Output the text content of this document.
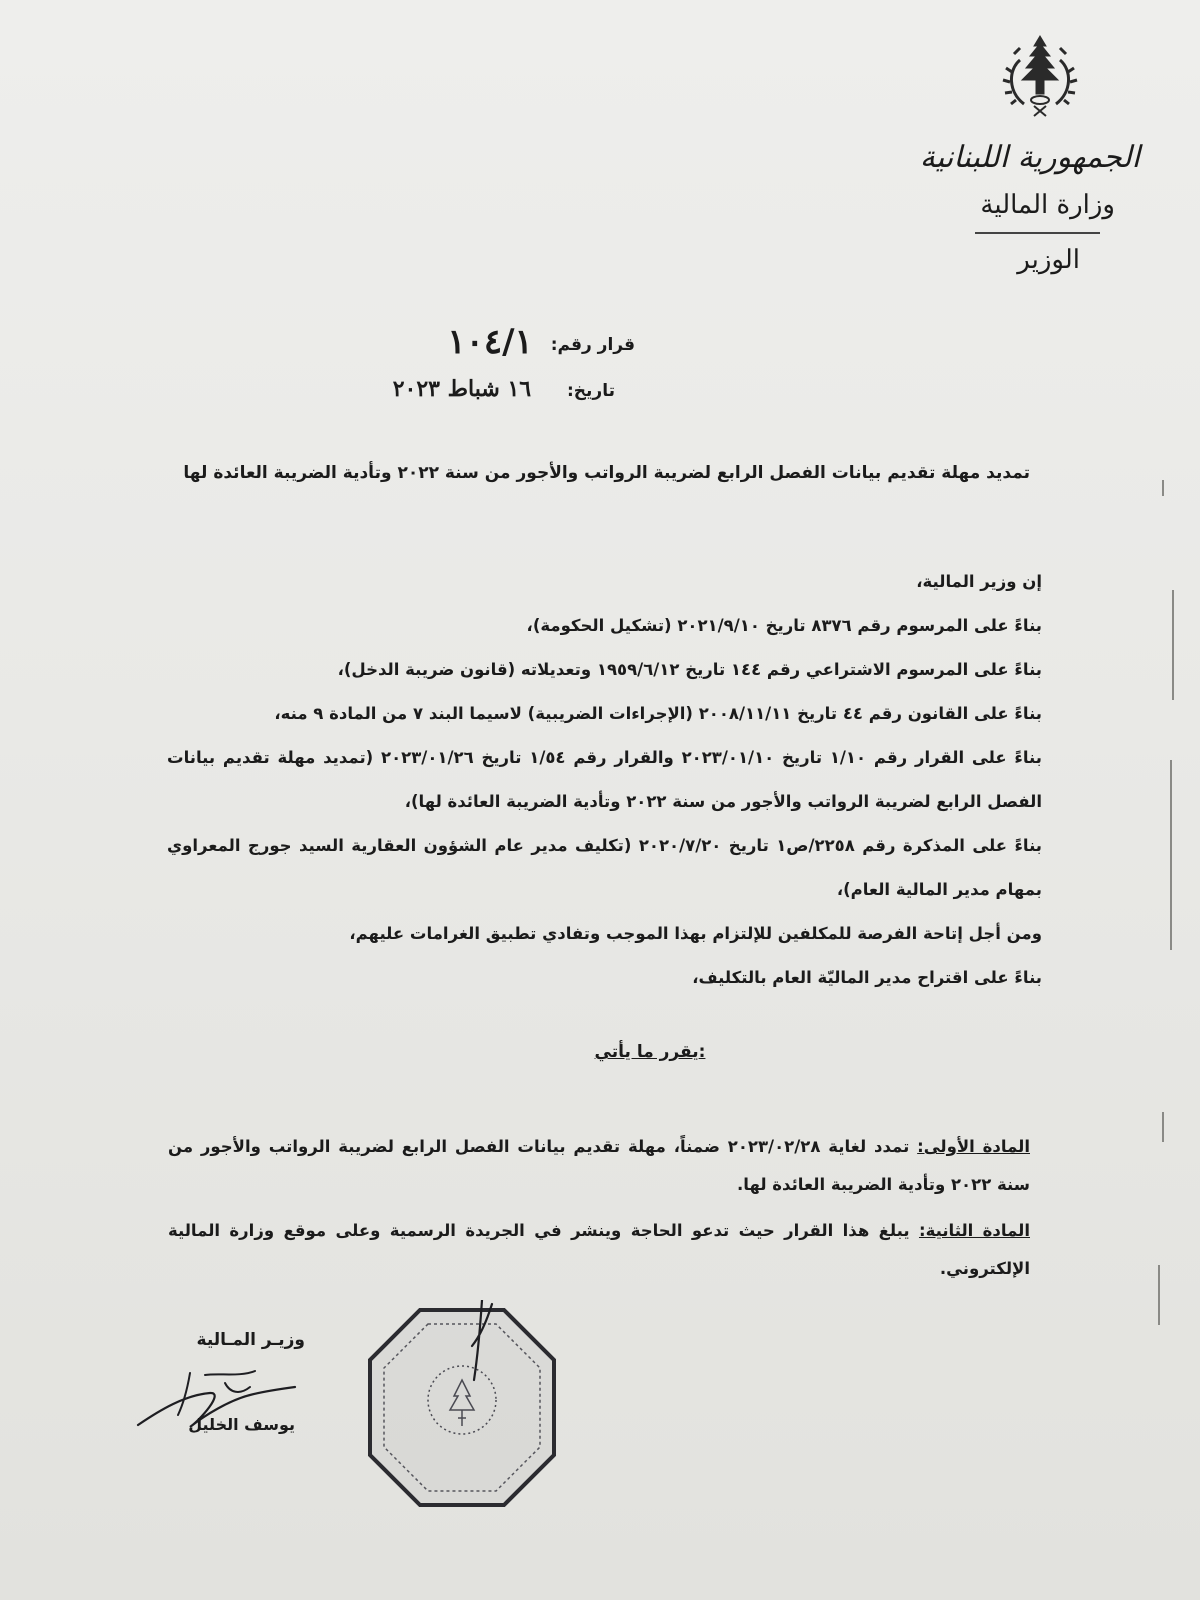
الجمهورية اللبنانية
وزارة المالية
الوزير
قرار رقم: ١٠٤/١
تاريخ: ١٦ شباط ٢٠٢٣
تمديد مهلة تقديم بيانات الفصل الرابع لضريبة الرواتب والأجور من سنة ٢٠٢٢ وتأدية الضريبة العائدة لها

إن وزير المالية،

بناءً على المرسوم رقم ٨٣٧٦ تاريخ ٢٠٢١/٩/١٠ (تشكيل الحكومة)،

بناءً على المرسوم الاشتراعي رقم ١٤٤ تاريخ ١٩٥٩/٦/١٢ وتعديلاته (قانون ضريبة الدخل)،

بناءً على القانون رقم ٤٤ تاريخ ٢٠٠٨/١١/١١ (الإجراءات الضريبية) لاسيما البند ٧ من المادة ٩ منه،

بناءً على القرار رقم ١/١٠ تاريخ ٢٠٢٣/٠١/١٠ والقرار رقم ١/٥٤ تاريخ ٢٠٢٣/٠١/٢٦ (تمديد مهلة تقديم بيانات الفصل الرابع لضريبة الرواتب والأجور من سنة ٢٠٢٢ وتأدية الضريبة العائدة لها)،

بناءً على المذكرة رقم ٢٢٥٨/ص١ تاريخ ٢٠٢٠/٧/٢٠ (تكليف مدير عام الشؤون العقارية السيد جورج المعراوي بمهام مدير المالية العام)،

ومن أجل إتاحة الفرصة للمكلفين للإلتزام بهذا الموجب وتفادي تطبيق الغرامات عليهم،

بناءً على اقتراح مدير الماليّة العام بالتكليف،

يقرر ما يأتي:

المادة الأولى: تمدد لغاية ٢٠٢٣/٠٢/٢٨ ضمناً، مهلة تقديم بيانات الفصل الرابع لضريبة الرواتب والأجور من سنة ٢٠٢٢ وتأدية الضريبة العائدة لها.

المادة الثانية: يبلغ هذا القرار حيث تدعو الحاجة وينشر في الجريدة الرسمية وعلى موقع وزارة المالية الإلكتروني.

وزيـر المـالية
يوسف الخليل
